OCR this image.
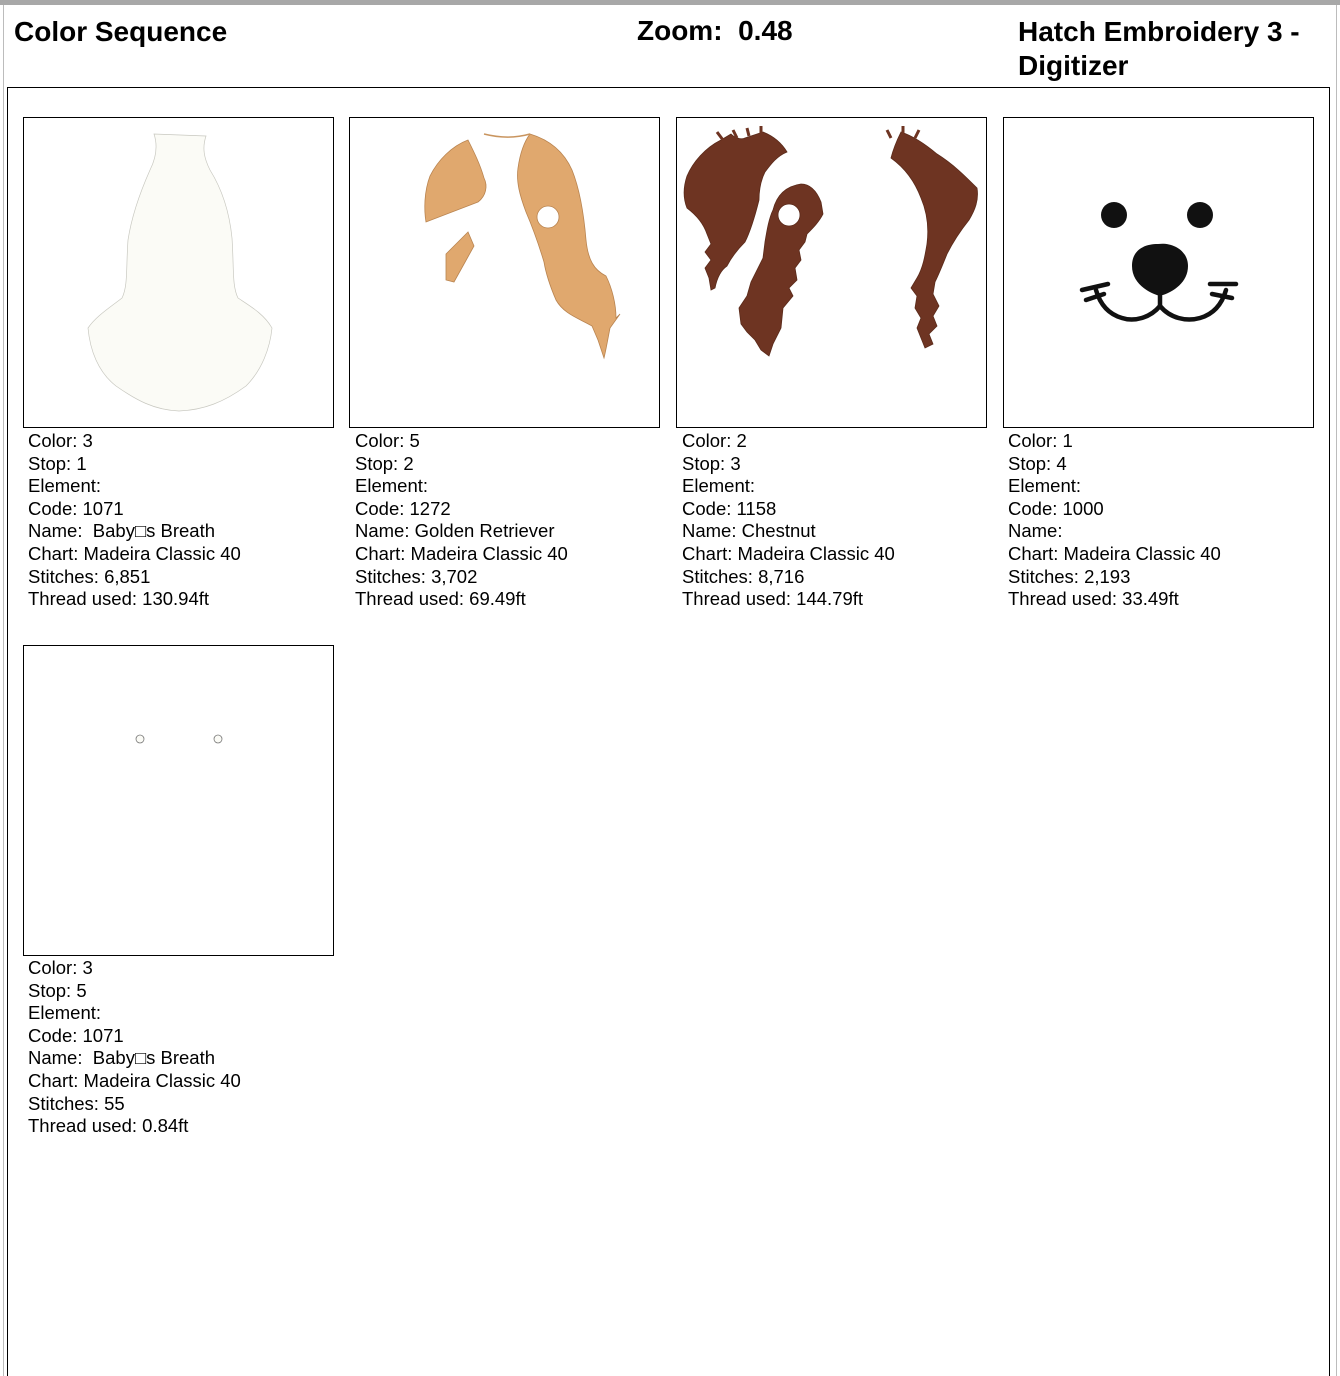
Color Sequence	Zoom: 0.48	Hatch Embroidery 3 - Digitizer
Color: 3
Stop: 1
Element:
Code: 1071
Name: Baby□s Breath
Chart: Madeira Classic 40
Stitches: 6,851
Thread used: 130.94ft
Color: 5
Stop: 2
Element:
Code: 1272
Name: Golden Retriever
Chart: Madeira Classic 40
Stitches: 3,702
Thread used: 69.49ft
Color: 2
Stop: 3
Element:
Code: 1158
Name: Chestnut
Chart: Madeira Classic 40
Stitches: 8,716
Thread used: 144.79ft
Color: 1
Stop: 4
Element:
Code: 1000
Name:
Chart: Madeira Classic 40
Stitches: 2,193
Thread used: 33.49ft
Color: 3
Stop: 5
Element:
Code: 1071
Name: Baby□s Breath
Chart: Madeira Classic 40
Stitches: 55
Thread used: 0.84ft
